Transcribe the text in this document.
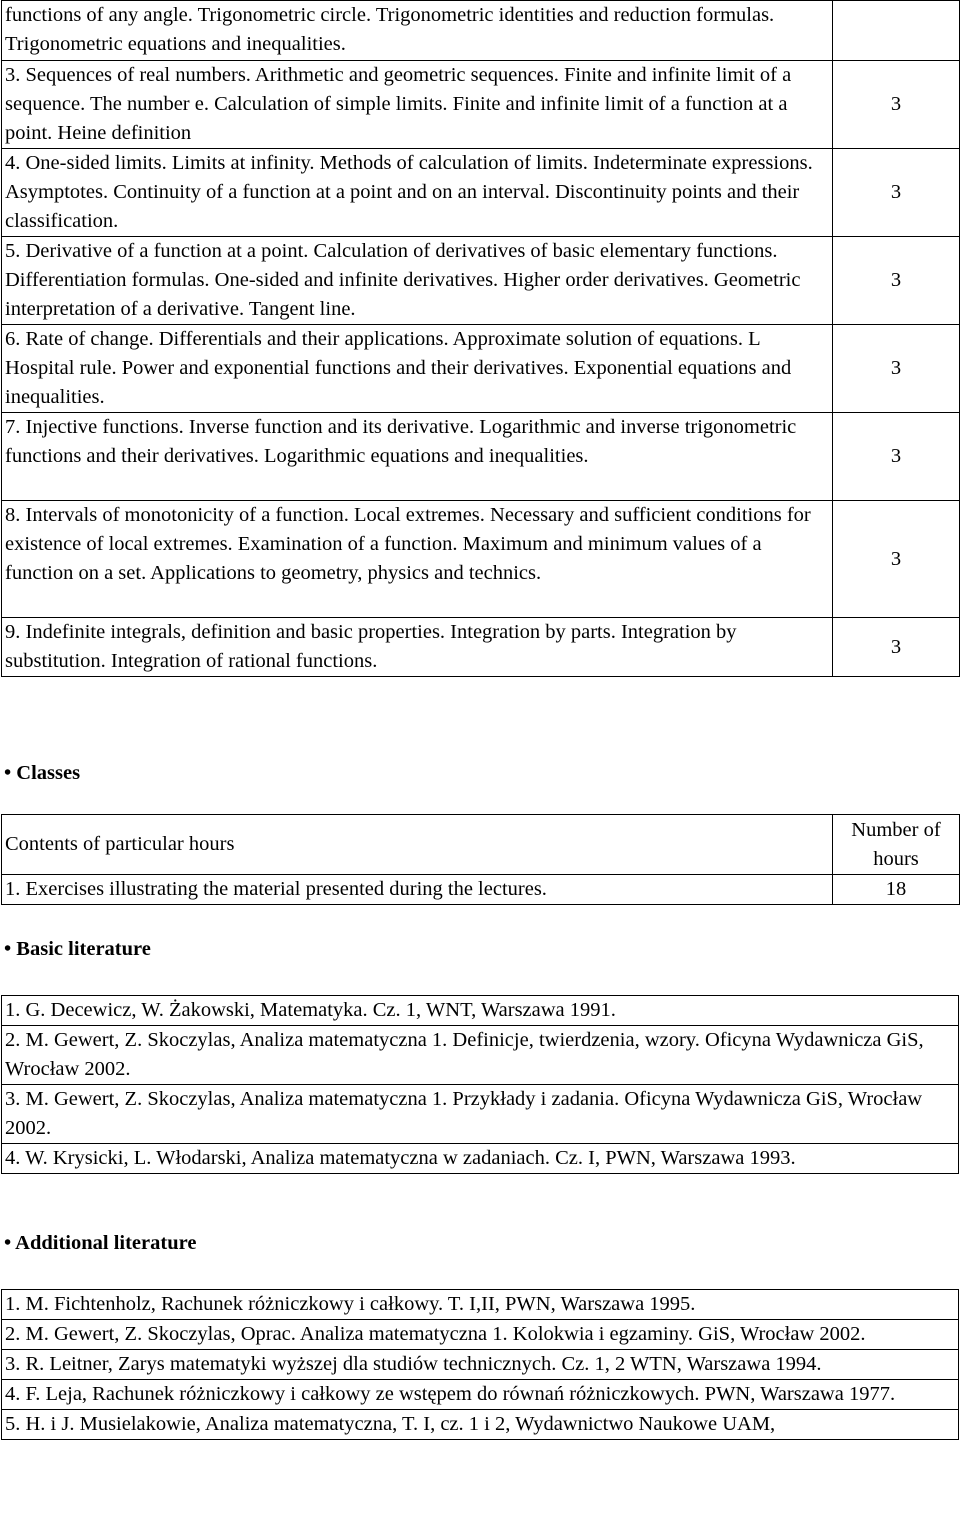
functions of any angle. Trigonometric circle. Trigonometric identities and reduction formulas. Trigonometric equations and inequalities.	
3. Sequences of real numbers. Arithmetic and geometric sequences. Finite and infinite limit of a sequence. The number e. Calculation of simple limits. Finite and infinite limit of a function at a point. Heine definition	3
4. One-sided limits. Limits at infinity. Methods of calculation of limits. Indeterminate expressions. Asymptotes. Continuity of a function at a point and on an interval. Discontinuity points and their classification.	3
5. Derivative of a function at a point. Calculation of derivatives of basic elementary functions. Differentiation formulas. One-sided and infinite derivatives. Higher order derivatives. Geometric interpretation of a derivative. Tangent line.	3
6. Rate of change. Differentials and their applications. Approximate solution of equations. L Hospital rule. Power and exponential functions and their derivatives. Exponential equations and inequalities.	3
7. Injective functions. Inverse function and its derivative. Logarithmic and inverse trigonometric functions and their derivatives. Logarithmic equations and inequalities.	3
8. Intervals of monotonicity of a function. Local extremes. Necessary and sufficient conditions for existence of local extremes. Examination of a function. Maximum and minimum values of a function on a set. Applications to geometry, physics and technics.	3
9. Indefinite integrals, definition and basic properties. Integration by parts. Integration by substitution. Integration of rational functions.	3
• Classes
Contents of particular hours	Number of hours
1. Exercises illustrating the material presented during the lectures.	18
• Basic literature
1. G. Decewicz, W. Żakowski, Matematyka. Cz. 1, WNT, Warszawa 1991.
2. M. Gewert, Z. Skoczylas, Analiza matematyczna 1. Definicje, twierdzenia, wzory. Oficyna Wydawnicza GiS, Wrocław 2002.
3. M. Gewert, Z. Skoczylas, Analiza matematyczna 1. Przykłady i zadania. Oficyna Wydawnicza GiS, Wrocław 2002.
4. W. Krysicki, L. Włodarski, Analiza matematyczna w zadaniach. Cz. I, PWN, Warszawa 1993.
• Additional literature
1. M. Fichtenholz, Rachunek różniczkowy i całkowy. T. I,II, PWN, Warszawa 1995.
2. M. Gewert, Z. Skoczylas, Oprac. Analiza matematyczna 1. Kolokwia i egzaminy. GiS, Wrocław 2002.
3. R. Leitner, Zarys matematyki wyższej dla studiów technicznych. Cz. 1, 2 WTN, Warszawa 1994.
4. F. Leja, Rachunek różniczkowy i całkowy ze wstępem do równań różniczkowych. PWN, Warszawa 1977.
5. H. i J. Musielakowie, Analiza matematyczna, T. I, cz. 1 i 2, Wydawnictwo Naukowe UAM,
